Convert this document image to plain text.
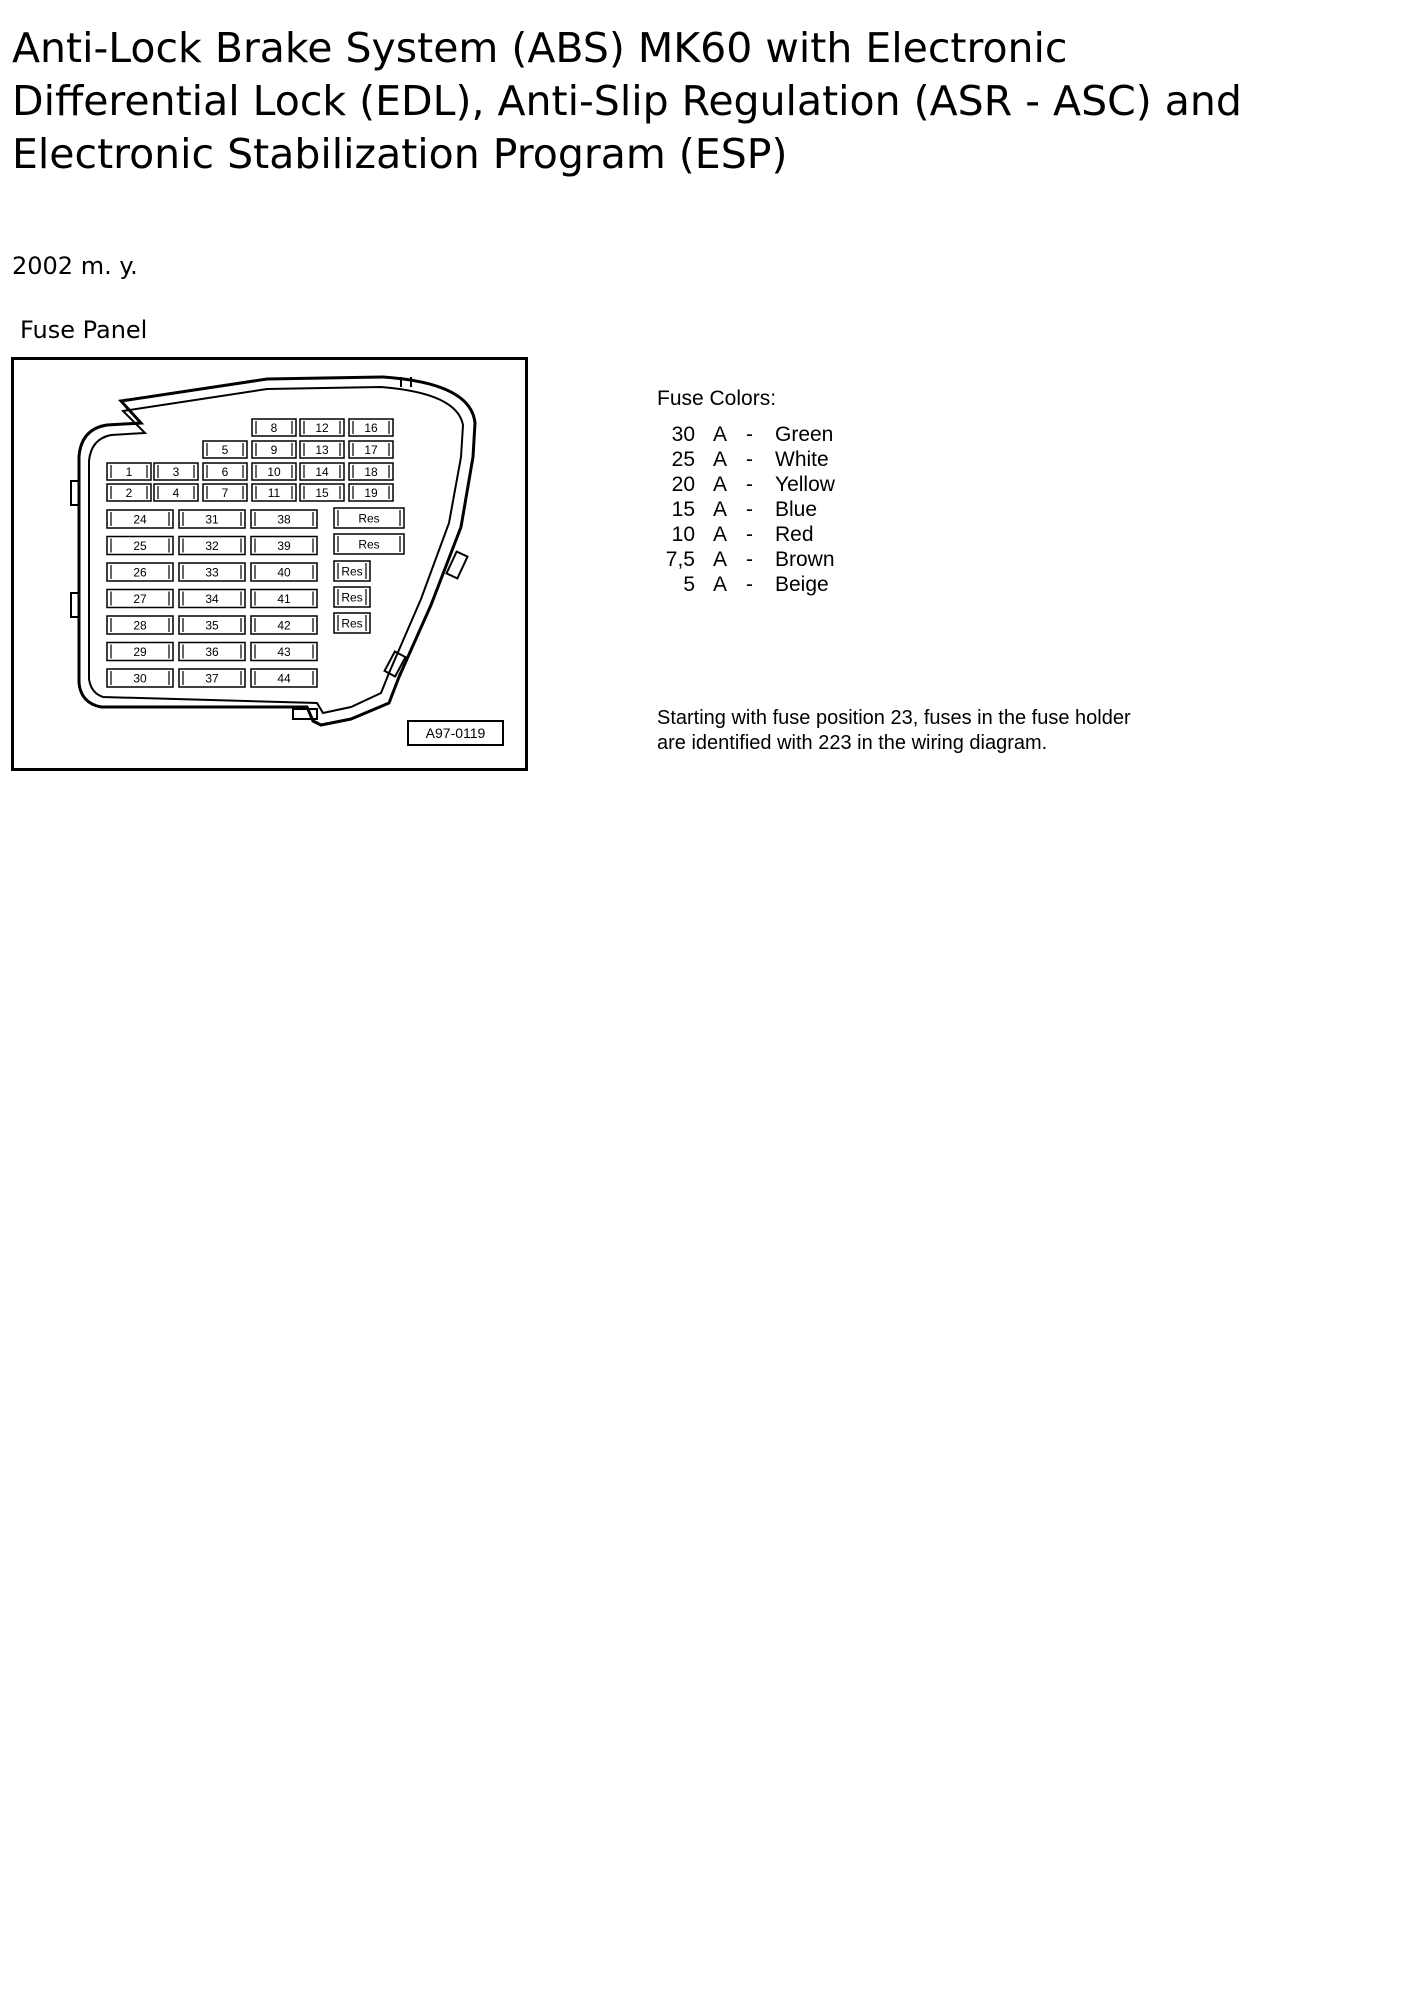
Anti-Lock Brake System (ABS) MK60 with Electronic
Differential Lock (EDL), Anti-Slip Regulation (ASR - ASC) and
Electronic Stabilization Program (ESP)
2002 m. y.
Fuse Panel
1
2
3
4
5
6
7
8
9
10
11
12
13
14
15
16
17
18
19
24
25
26
27
28
29
30
31
32
33
34
35
36
37
38
39
40
41
42
43
44
Res
Res
Res
Res
Res
A97-0119
Fuse Colors:
30 A - Green
25 A - White
20 A - Yellow
15 A - Blue
10 A - Red
7,5 A - Brown
5 A - Beige
Starting with fuse position 23, fuses in the fuse holder
are identified with 223 in the wiring diagram.
